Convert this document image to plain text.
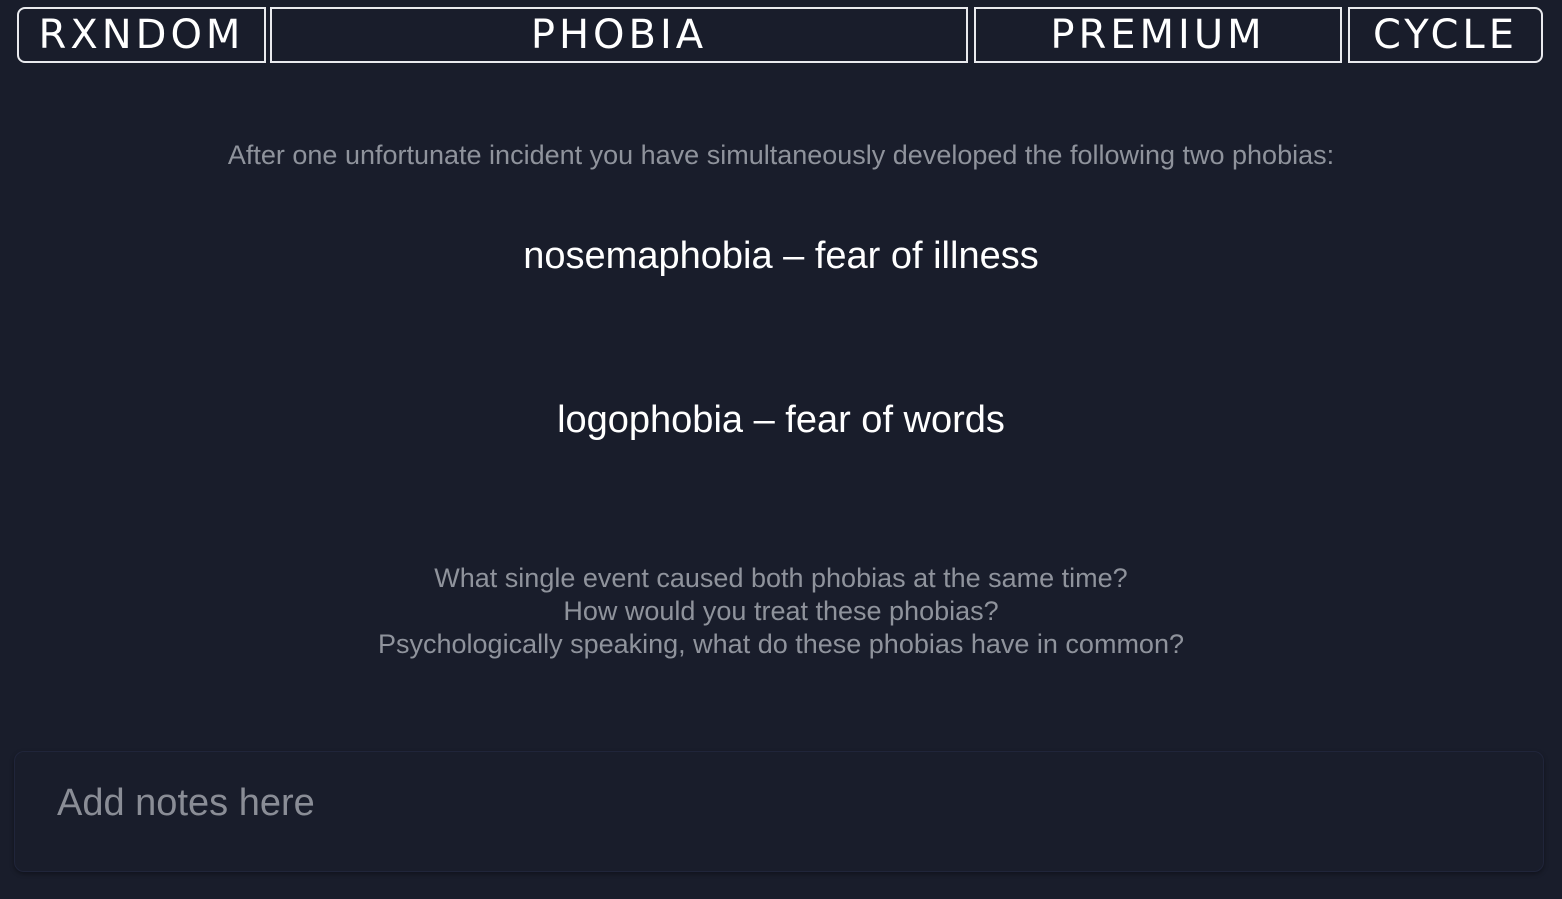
RXNDOM	PHOBIA	PREMIUM	CYCLE
After one unfortunate incident you have simultaneously developed the following two phobias:
nosemaphobia – fear of illness
logophobia – fear of words
What single event caused both phobias at the same time?
How would you treat these phobias?
Psychologically speaking, what do these phobias have in common?
Add notes here
